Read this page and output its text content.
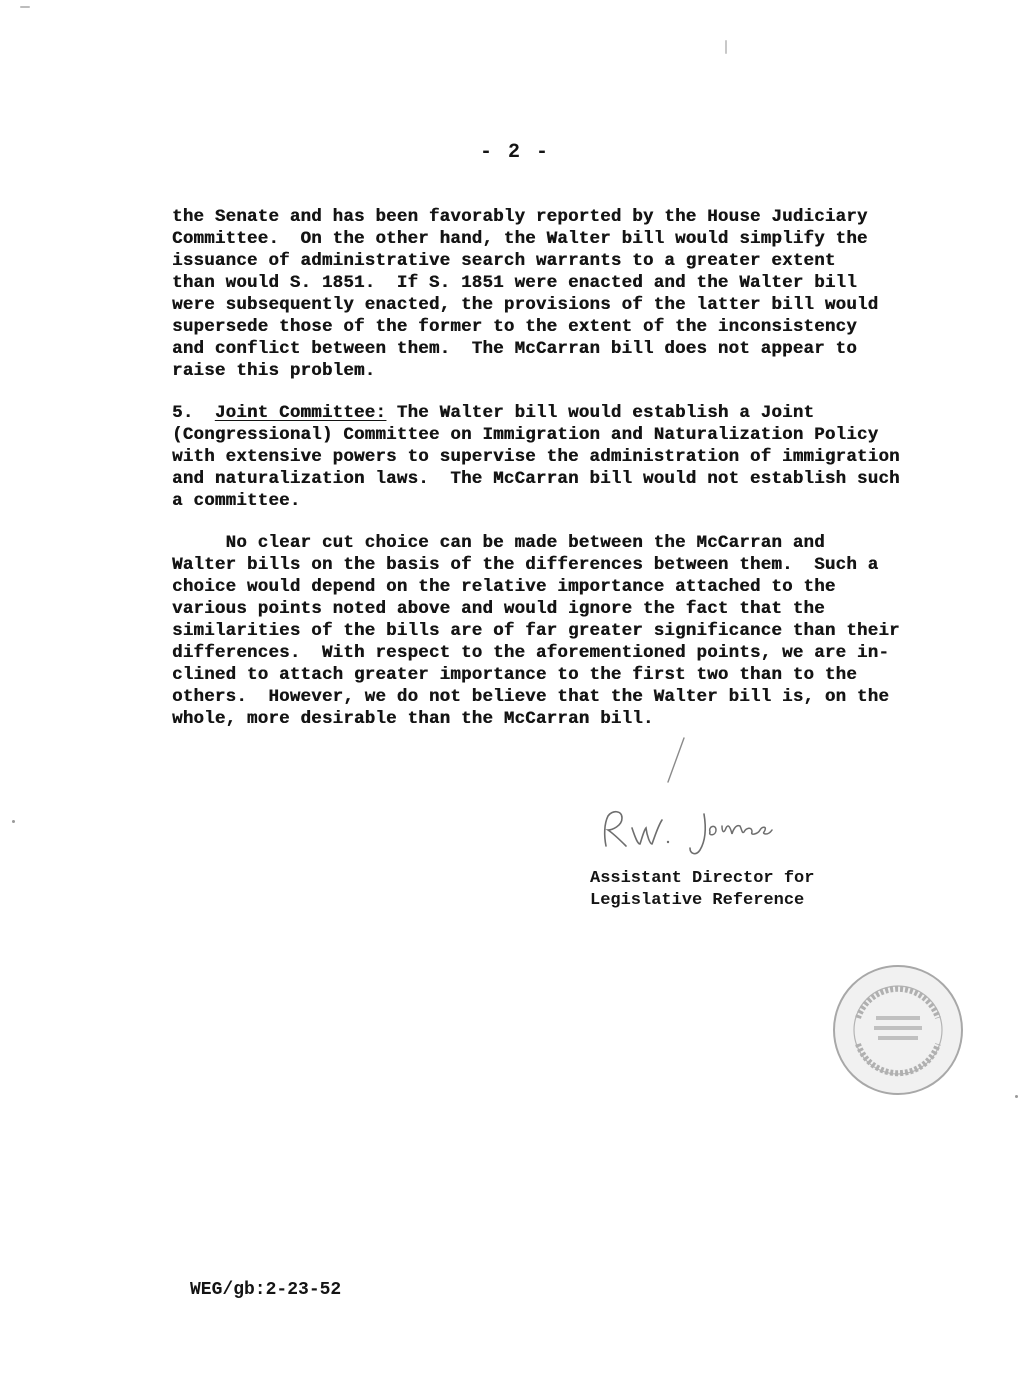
- 2 -
the Senate and has been favorably reported by the House Judiciary
Committee.  On the other hand, the Walter bill would simplify the
issuance of administrative search warrants to a greater extent
than would S. 1851.  If S. 1851 were enacted and the Walter bill
were subsequently enacted, the provisions of the latter bill would
supersede those of the former to the extent of the inconsistency
and conflict between them.  The McCarran bill does not appear to
raise this problem.
5. Joint Committee: The Walter bill would establish a Joint
(Congressional) Committee on Immigration and Naturalization Policy
with extensive powers to supervise the administration of immigration
and naturalization laws.  The McCarran bill would not establish such
a committee.
No clear cut choice can be made between the McCarran and
Walter bills on the basis of the differences between them.  Such a
choice would depend on the relative importance attached to the
various points noted above and would ignore the fact that the
similarities of the bills are of far greater significance than their
differences.  With respect to the aforementioned points, we are in-
clined to attach greater importance to the first two than to the
others.  However, we do not believe that the Walter bill is, on the
whole, more desirable than the McCarran bill.
Assistant Director for
Legislative Reference
WEG/gb:2-23-52
